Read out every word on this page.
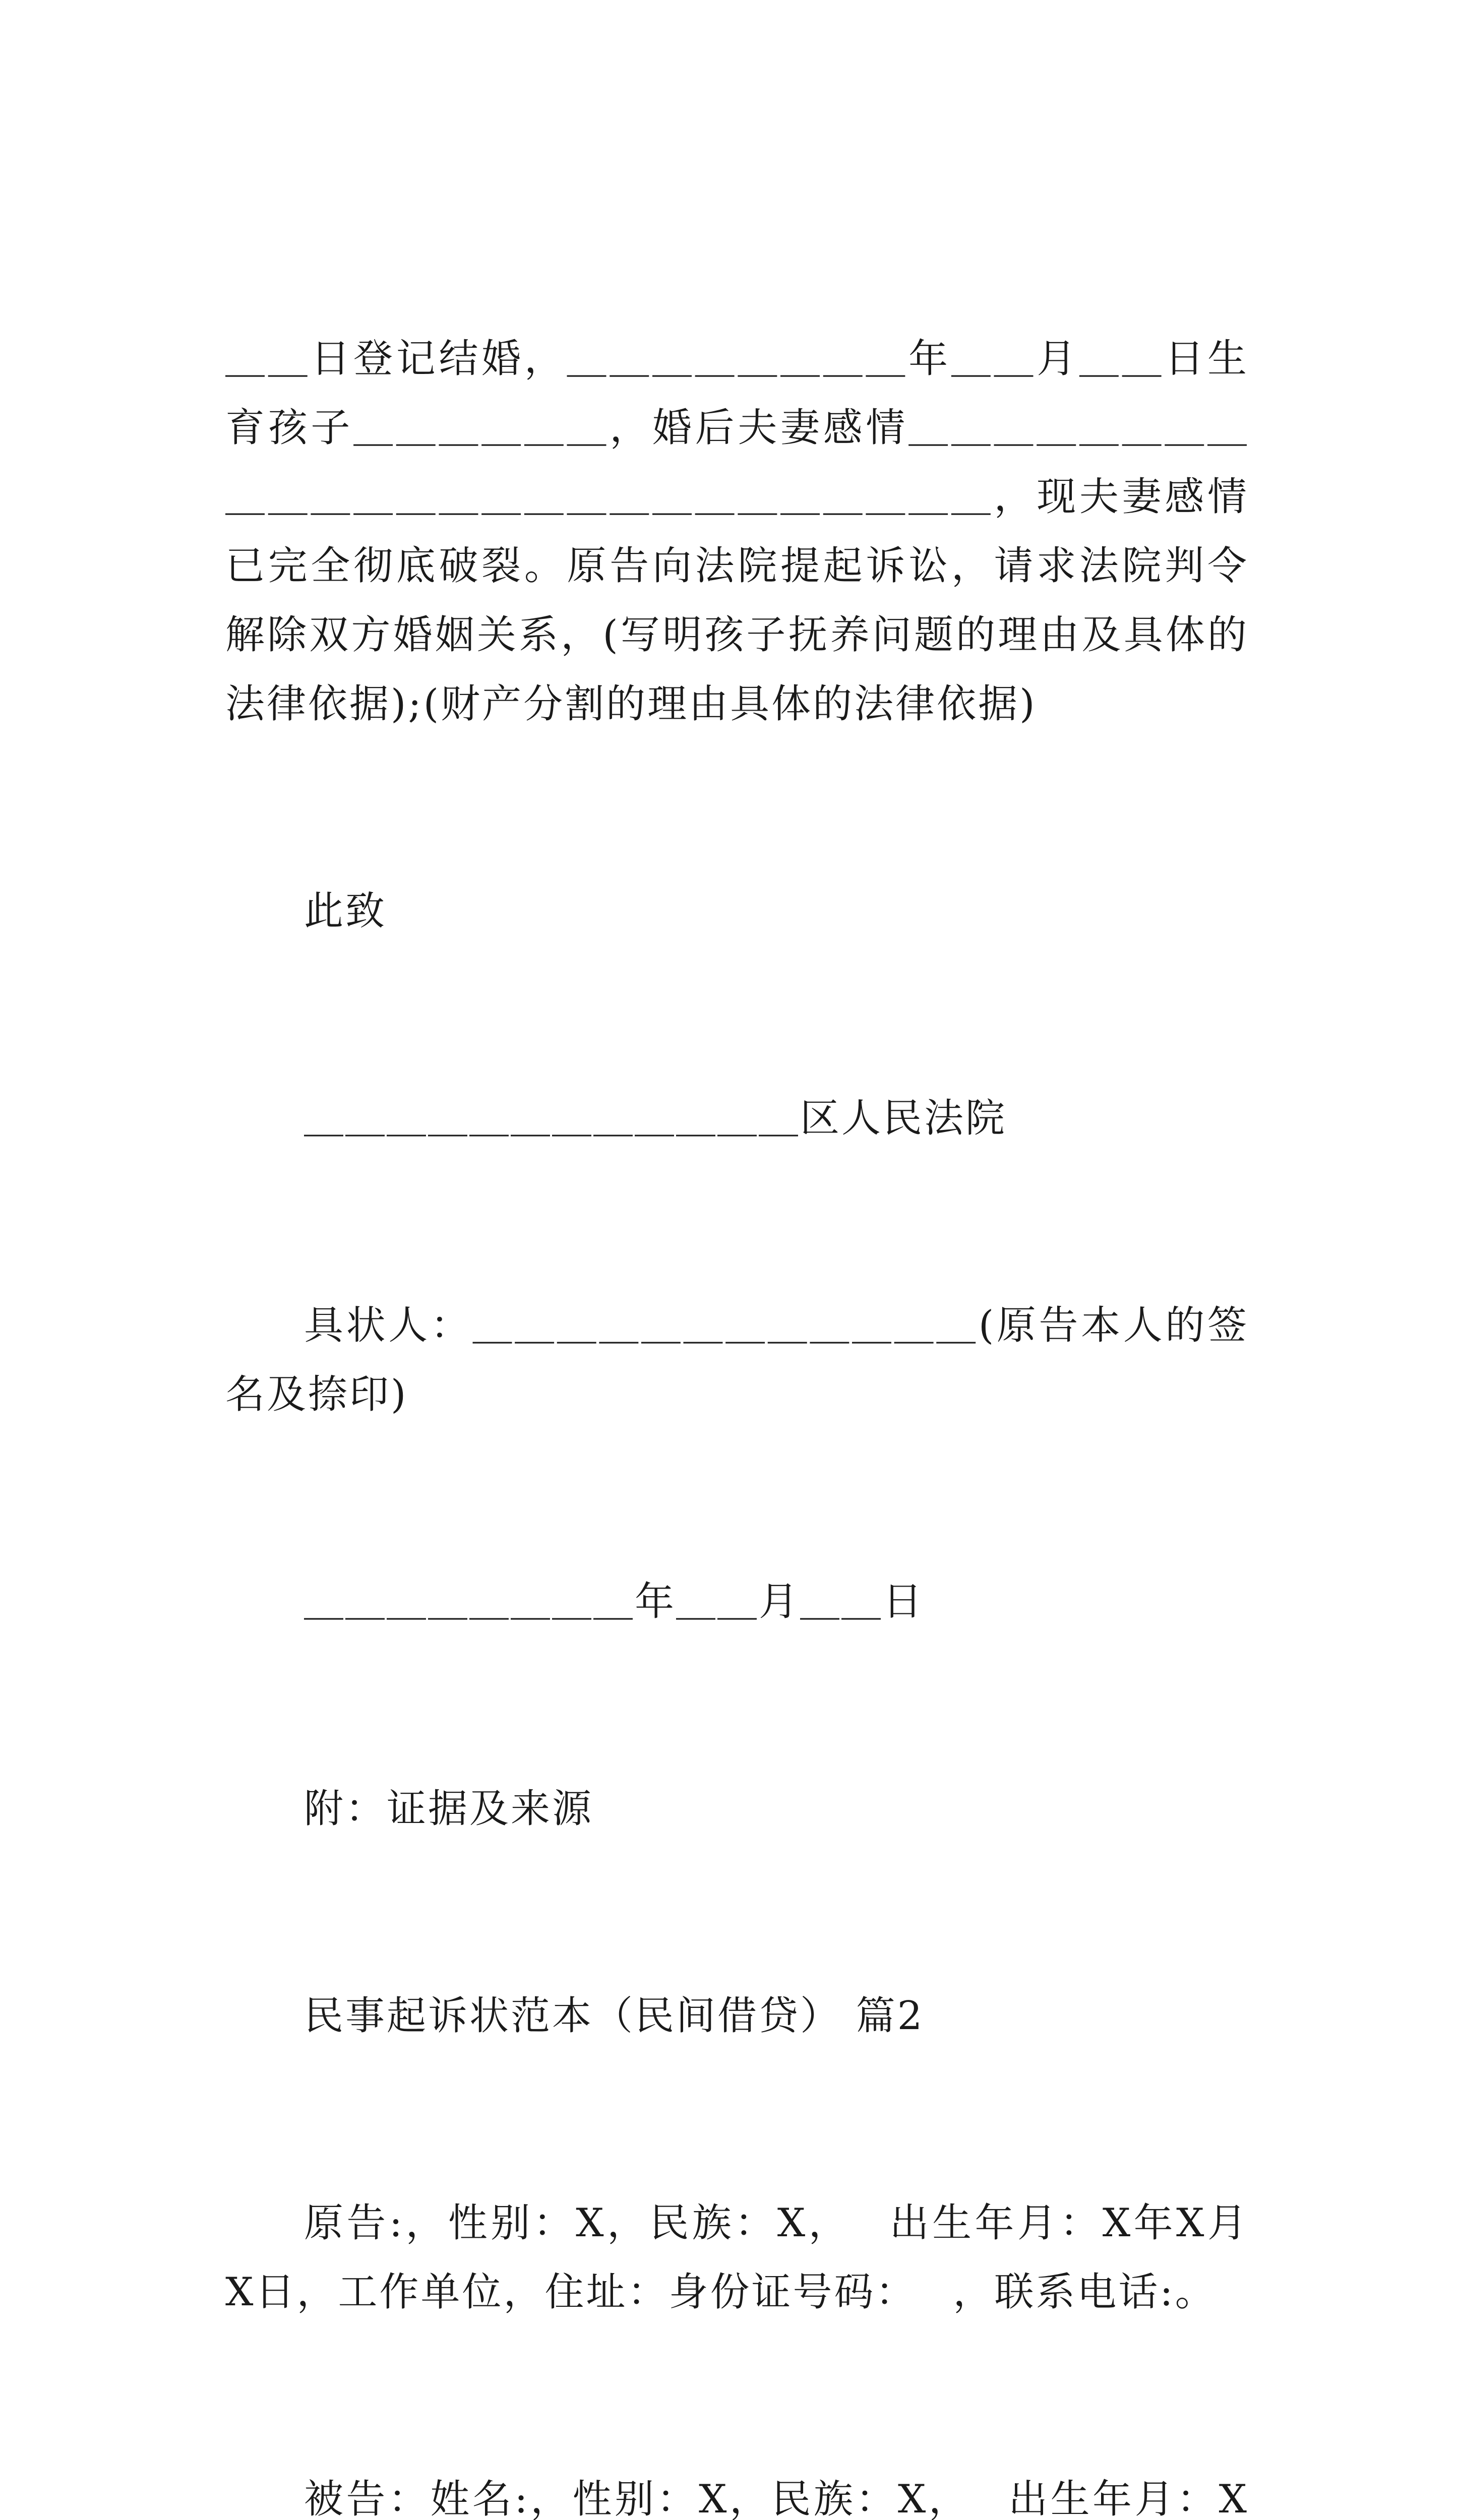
＿＿日登记结婚，＿＿＿＿＿＿＿＿年＿＿月＿＿日生育孩子＿＿＿＿＿＿，婚后夫妻感情＿＿＿＿＿＿＿＿＿＿＿＿＿＿＿＿＿＿＿＿＿＿＿＿＿＿，现夫妻感情已完全彻底破裂。原告向法院提起诉讼，请求法院判令解除双方婚姻关系，(写明孩子抚养问题的理由及具体的法律依据);(财产分割的理由具体的法律依据)

此致

＿＿＿＿＿＿＿＿＿＿＿＿区人民法院

具状人：＿＿＿＿＿＿＿＿＿＿＿＿(原告本人的签名及捺印)

＿＿＿＿＿＿＿＿年＿＿月＿＿日

附：证据及来源

民事起诉状范本（民间借贷） 篇2

原告:，性别：X，民族：X，　 出生年月：X年X月X日，工作单位，住址：身份证号码：　 ，联系电话:。

被告：姓名:，性别：X，民族：X，　 出生年月：X　
